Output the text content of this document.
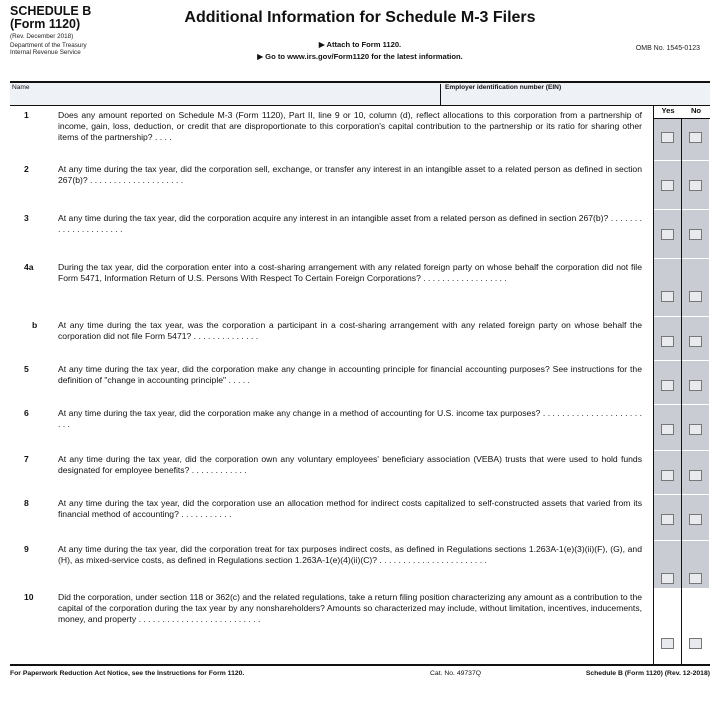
SCHEDULE B
(Form 1120)
(Rev. December 2018)
Department of the Treasury
Internal Revenue Service
Additional Information for Schedule M-3 Filers
▶ Attach to Form 1120.
▶ Go to www.irs.gov/Form1120 for the latest information.
OMB No. 1545-0123
Name	Employer identification number (EIN)
Yes	No
1	Does any amount reported on Schedule M-3 (Form 1120), Part II, line 9 or 10, column (d), reflect allocations to this corporation from a partnership of income, gain, loss, deduction, or credit that are disproportionate to this corporation's capital contribution to the partnership or its ratio for sharing other items of the partnership? . . . .
2	At any time during the tax year, did the corporation sell, exchange, or transfer any interest in an intangible asset to a related person as defined in section 267(b)? . . . . . . . . . . . . . . . . . . . .
3	At any time during the tax year, did the corporation acquire any interest in an intangible asset from a related person as defined in section 267(b)? . . . . . . . . . . . . . . . . . . . . .
4a	During the tax year, did the corporation enter into a cost-sharing arrangement with any related foreign party on whose behalf the corporation did not file Form 5471, Information Return of U.S. Persons With Respect To Certain Foreign Corporations? . . . . . . . . . . . . . . . . . .
b At any time during the tax year, was the corporation a participant in a cost-sharing arrangement with any related foreign party on whose behalf the corporation did not file Form 5471? . . . . . . . . . . . . . .
5	At any time during the tax year, did the corporation make any change in accounting principle for financial accounting purposes? See instructions for the definition of "change in accounting principle" . . . . .
6	At any time during the tax year, did the corporation make any change in a method of accounting for U.S. income tax purposes? . . . . . . . . . . . . . . . . . . . . . . . .
7	At any time during the tax year, did the corporation own any voluntary employees' beneficiary association (VEBA) trusts that were used to hold funds designated for employee benefits? . . . . . . . . . . . .
8	At any time during the tax year, did the corporation use an allocation method for indirect costs capitalized to self-constructed assets that varied from its financial method of accounting? . . . . . . . . . . .
9	At any time during the tax year, did the corporation treat for tax purposes indirect costs, as defined in Regulations sections 1.263A-1(e)(3)(ii)(F), (G), and (H), as mixed-service costs, as defined in Regulations section 1.263A-1(e)(4)(ii)(C)? . . . . . . . . . . . . . . . . . . . . . . .
10	Did the corporation, under section 118 or 362(c) and the related regulations, take a return filing position characterizing any amount as a contribution to the capital of the corporation during the tax year by any nonshareholders? Amounts so characterized may include, without limitation, incentives, inducements, money, and property . . . . . . . . . . . . . . . . . . . . . . . . . .
For Paperwork Reduction Act Notice, see the Instructions for Form 1120.	Cat. No. 49737Q	Schedule B (Form 1120) (Rev. 12-2018)
